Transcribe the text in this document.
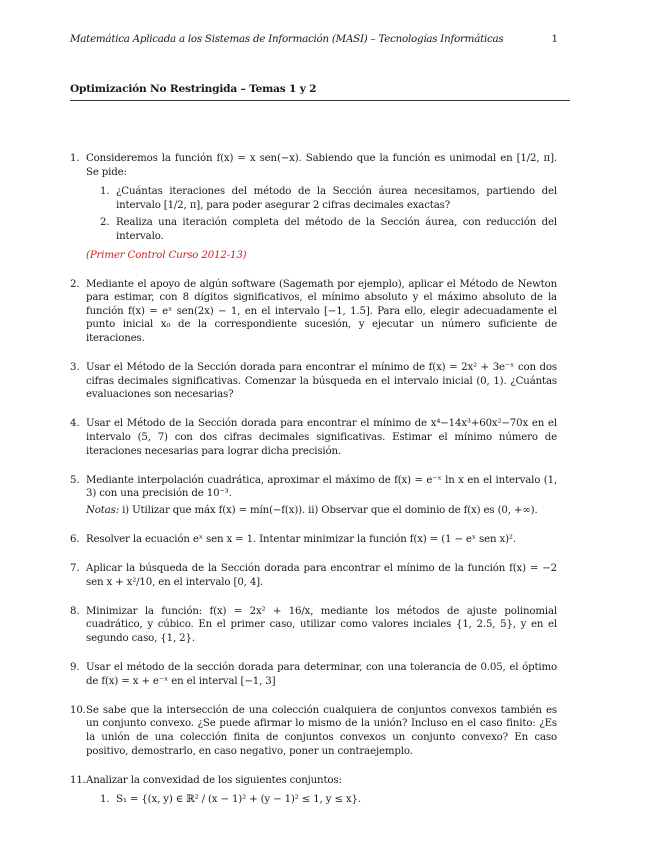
Matemática Aplicada a los Sistemas de Información (MASI) – Tecnologías Informáticas	1
Optimización No Restringida – Temas 1 y 2
1. Consideremos la función f(x) = x sen(−x). Sabiendo que la función es unimodal en [1/2, π]. Se pide:
1. ¿Cuántas iteraciones del método de la Sección áurea necesitamos, partiendo del intervalo [1/2, π], para poder asegurar 2 cifras decimales exactas?
2. Realiza una iteración completa del método de la Sección áurea, con reducción del intervalo.
(Primer Control Curso 2012-13)
2. Mediante el apoyo de algún software (Sagemath por ejemplo), aplicar el Método de Newton para estimar, con 8 dígitos significativos, el mínimo absoluto y el máximo absoluto de la función f(x) = eˣ sen(2x) − 1, en el intervalo [−1, 1.5]. Para ello, elegir adecuadamente el punto inicial x₀ de la correspondiente sucesión, y ejecutar un número suficiente de iteraciones.
3. Usar el Método de la Sección dorada para encontrar el mínimo de f(x) = 2x² + 3e⁻ˣ con dos cifras decimales significativas. Comenzar la búsqueda en el intervalo inicial (0, 1). ¿Cuántas evaluaciones son necesarias?
4. Usar el Método de la Sección dorada para encontrar el mínimo de x⁴−14x³+60x²−70x en el intervalo (5, 7) con dos cifras decimales significativas. Estimar el mínimo número de iteraciones necesarias para lograr dicha precisión.
5. Mediante interpolación cuadrática, aproximar el máximo de f(x) = e⁻ˣ ln x en el intervalo (1, 3) con una precisión de 10⁻³.
Notas: i) Utilizar que máx f(x) = mín(−f(x)). ii) Observar que el dominio de f(x) es (0, +∞).
6. Resolver la ecuación eˣ sen x = 1. Intentar minimizar la función f(x) = (1 − eˣ sen x)².
7. Aplicar la búsqueda de la Sección dorada para encontrar el mínimo de la función f(x) = −2 sen x + x²/10, en el intervalo [0, 4].
8. Minimizar la función: f(x) = 2x² + 16/x, mediante los métodos de ajuste polinomial cuadrático, y cúbico. En el primer caso, utilizar como valores inciales {1, 2.5, 5}, y en el segundo caso, {1, 2}.
9. Usar el método de la sección dorada para determinar, con una tolerancia de 0.05, el óptimo de f(x) = x + e⁻ˣ en el interval [−1, 3]
10. Se sabe que la intersección de una colección cualquiera de conjuntos convexos también es un conjunto convexo. ¿Se puede afirmar lo mismo de la unión? Incluso en el caso finito: ¿Es la unión de una colección finita de conjuntos convexos un conjunto convexo? En caso positivo, demostrarlo, en caso negativo, poner un contraejemplo.
11. Analizar la convexidad de los siguientes conjuntos:
1. S₁ = {(x, y) ∈ ℝ² / (x − 1)² + (y − 1)² ≤ 1, y ≤ x}.
